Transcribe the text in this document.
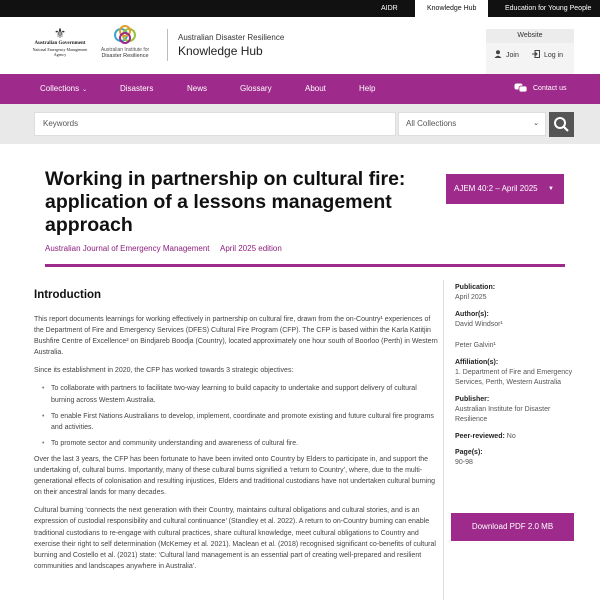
AIDR	Knowledge Hub	Education for Young People
⚜
Australian Government
National Emergency Management Agency
Australian Institute for
Disaster Resilience
Australian Disaster Resilience
Knowledge Hub
Website
Join	Log in
Collections ⌄	Disasters	News	Glossary	About	Help	Contact us
Keywords	All Collections	⌄
Working in partnership on cultural fire: application of a lessons management approach
Australian Journal of Emergency Management April 2025 edition
AJEM 40:2 – April 2025 ▼
Introduction

This report documents learnings for working effectively in partnership on cultural fire, drawn from the on-Country¹ experiences of the Department of Fire and Emergency Services (DFES) Cultural Fire Program (CFP). The CFP is based within the Karla Katitjin Bushfire Centre of Excellence² on Bindjareb Boodja (Country), located approximately one hour south of Boorloo (Perth) in Western Australia.

Since its establishment in 2020, the CFP has worked towards 3 strategic objectives:

• To collaborate with partners to facilitate two-way learning to build capacity to undertake and support delivery of cultural burning across Western Australia.
• To enable First Nations Australians to develop, implement, coordinate and promote existing and future cultural fire programs and activities.
• To promote sector and community understanding and awareness of cultural fire.

Over the last 3 years, the CFP has been fortunate to have been invited onto Country by Elders to participate in, and support the undertaking of, cultural burns. Importantly, many of these cultural burns signified a ‘return to Country’, where, due to the multi-generational effects of colonisation and resulting injustices, Elders and traditional custodians have not undertaken cultural burning on their ancestral lands for many decades.

Cultural burning ‘connects the next generation with their Country, maintains cultural obligations and cultural stories, and is an expression of custodial responsibility and cultural continuance’ (Standley et al. 2022). A return to on-Country burning can enable traditional custodians to re-engage with cultural practices, share cultural knowledge, meet cultural obligations to Country and exercise their right to self determination (McKemey et al. 2021). Maclean et al. (2018) recognised significant co-benefits of cultural burning and Costello et al. (2021) state: ‘Cultural land management is an essential part of creating well-prepared and resilient communities and landscapes anywhere in Australia’.

Publication:
April 2025
Author(s):
David Windsor¹
Peter Galvin¹
Affiliation(s):
1. Department of Fire and Emergency Services, Perth, Western Australia
Publisher:
Australian Institute for Disaster Resilience
Peer-reviewed: No
Page(s):
90-98
Download PDF 2.0 MB
